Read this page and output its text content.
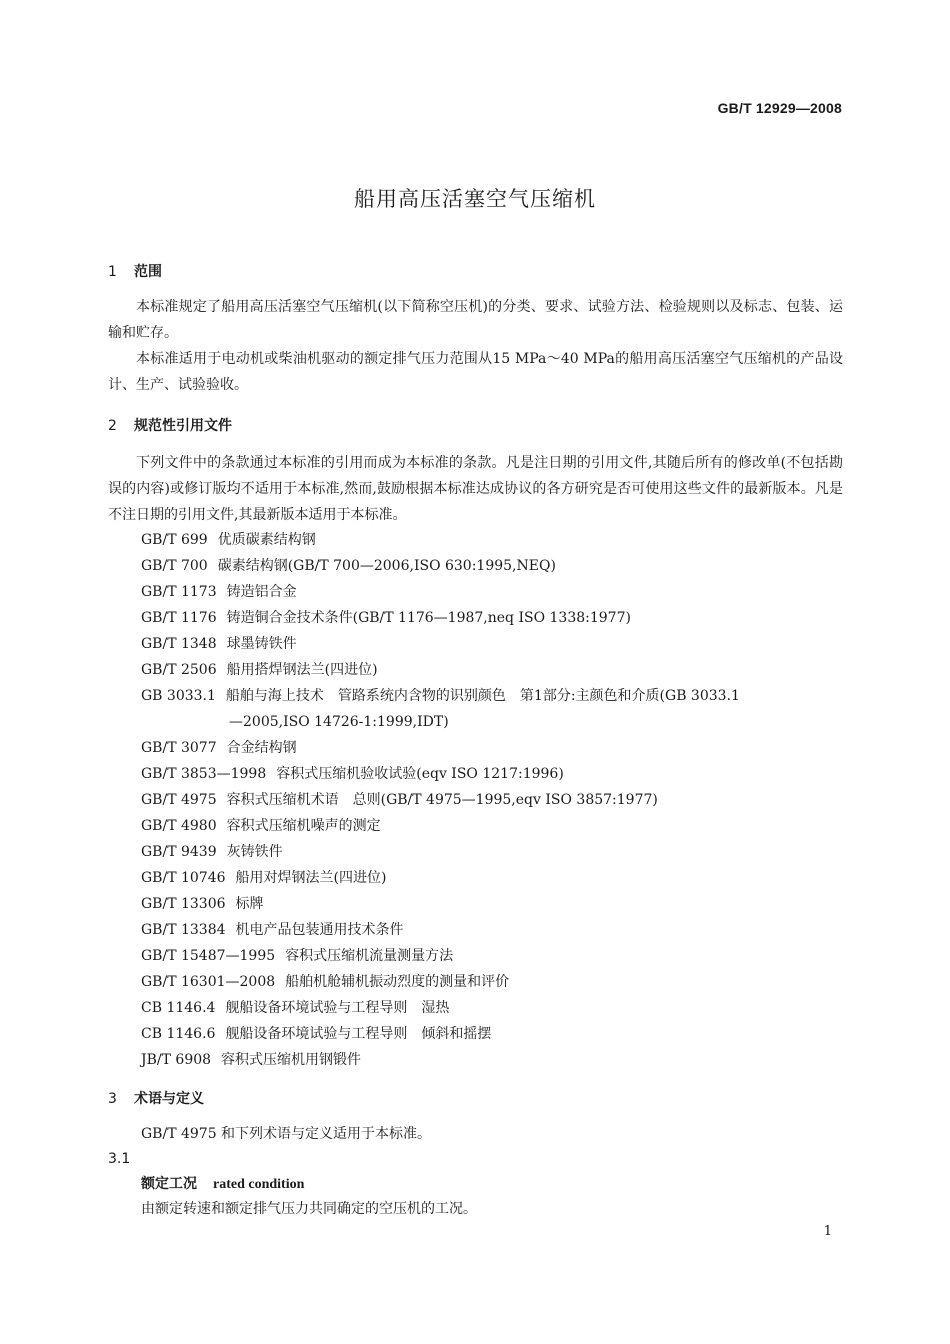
GB/T 12929—2008
船用高压活塞空气压缩机
1 范围
本标准规定了船用高压活塞空气压缩机(以下简称空压机)的分类、要求、试验方法、检验规则以及标志、包装、运输和贮存。
本标准适用于电动机或柴油机驱动的额定排气压力范围从15 MPa～40 MPa的船用高压活塞空气压缩机的产品设计、生产、试验验收。
2 规范性引用文件
下列文件中的条款通过本标准的引用而成为本标准的条款。凡是注日期的引用文件,其随后所有的修改单(不包括勘误的内容)或修订版均不适用于本标准,然而,鼓励根据本标准达成协议的各方研究是否可使用这些文件的最新版本。凡是不注日期的引用文件,其最新版本适用于本标准。
GB/T 699 优质碳素结构钢
GB/T 700 碳素结构钢(GB/T 700—2006,ISO 630:1995,NEQ)
GB/T 1173 铸造铝合金
GB/T 1176 铸造铜合金技术条件(GB/T 1176—1987,neq ISO 1338:1977)
GB/T 1348 球墨铸铁件
GB/T 2506 船用搭焊钢法兰(四进位)
GB 3033.1 船舶与海上技术　管路系统内含物的识别颜色　第1部分:主颜色和介质(GB 3033.1
—2005,ISO 14726-1:1999,IDT)
GB/T 3077 合金结构钢
GB/T 3853—1998 容积式压缩机验收试验(eqv ISO 1217:1996)
GB/T 4975 容积式压缩机术语　总则(GB/T 4975—1995,eqv ISO 3857:1977)
GB/T 4980 容积式压缩机噪声的测定
GB/T 9439 灰铸铁件
GB/T 10746 船用对焊钢法兰(四进位)
GB/T 13306 标牌
GB/T 13384 机电产品包装通用技术条件
GB/T 15487—1995 容积式压缩机流量测量方法
GB/T 16301—2008 船舶机舱辅机振动烈度的测量和评价
CB 1146.4 舰船设备环境试验与工程导则　湿热
CB 1146.6 舰船设备环境试验与工程导则　倾斜和摇摆
JB/T 6908 容积式压缩机用钢锻件
3 术语与定义
GB/T 4975 和下列术语与定义适用于本标准。
3.1
额定工况 rated condition
由额定转速和额定排气压力共同确定的空压机的工况。
1
